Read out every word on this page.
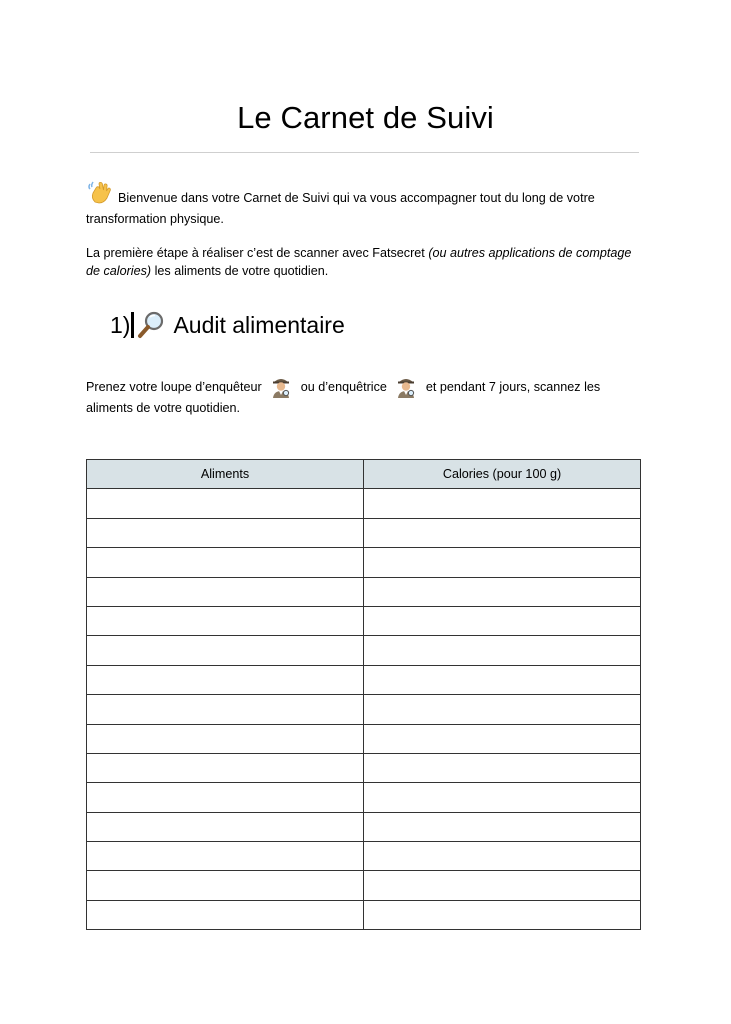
Le Carnet de Suivi
Bienvenue dans votre Carnet de Suivi qui va vous accompagner tout du long de votre transformation physique.
La première étape à réaliser c’est de scanner avec Fatsecret (ou autres applications de comptage de calories) les aliments de votre quotidien.
1) Audit alimentaire
Prenez votre loupe d’enquêteur	ou d’enquêtrice	et pendant 7 jours, scannez les aliments de votre quotidien.
Aliments	Calories (pour 100 g)
